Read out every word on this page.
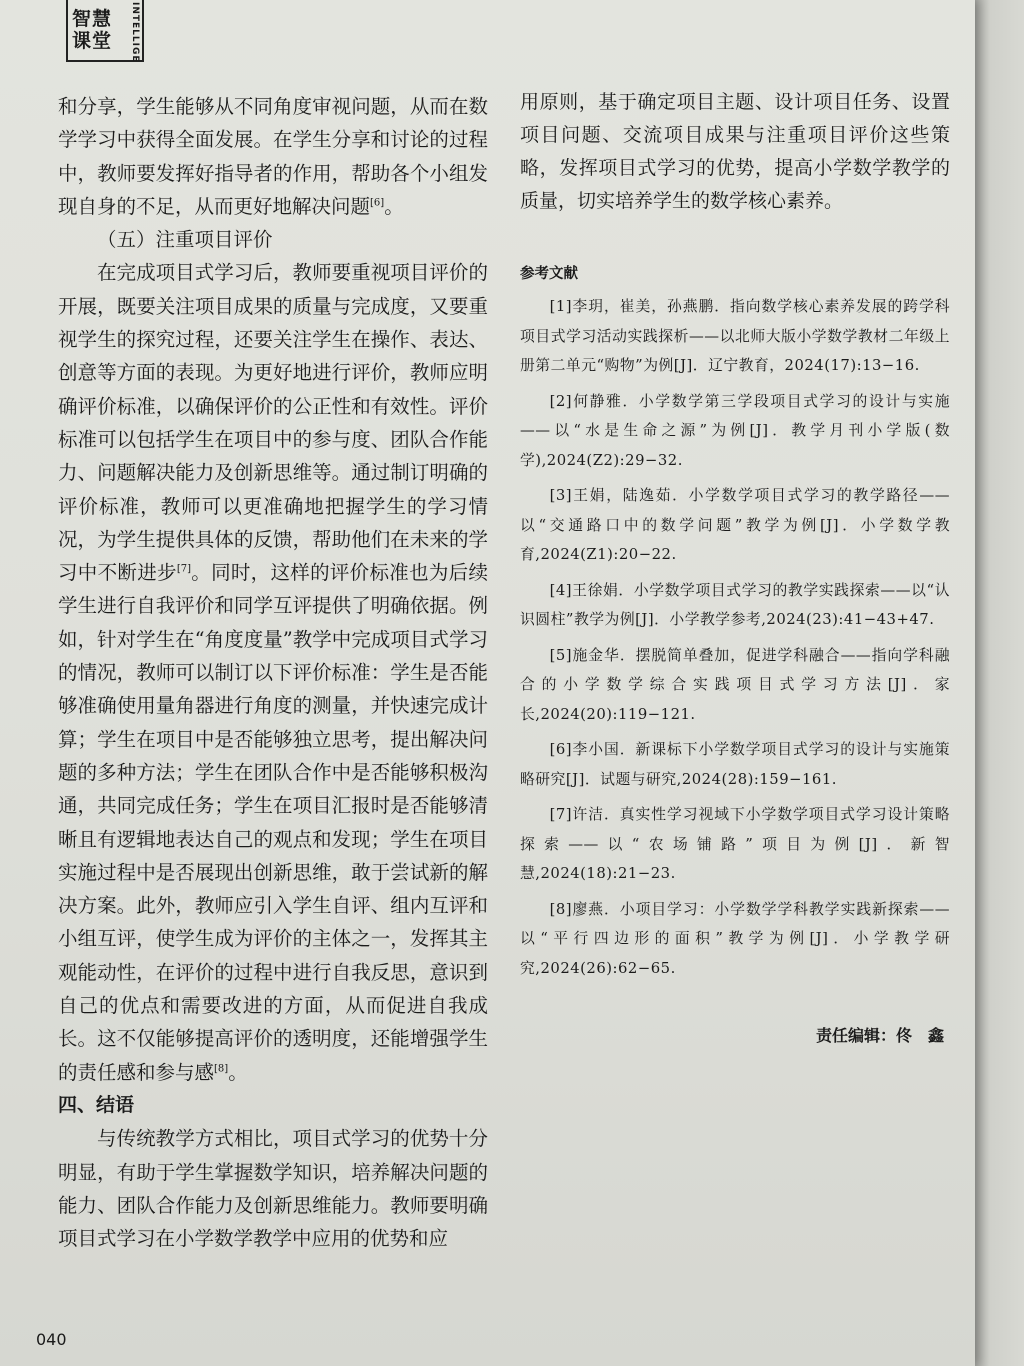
智慧
课堂	INTELLIGE

和分享，学生能够从不同角度审视问题，从而在数学学习中获得全面发展。在学生分享和讨论的过程中，教师要发挥好指导者的作用，帮助各个小组发现自身的不足，从而更好地解决问题[6]。

（五）注重项目评价

在完成项目式学习后，教师要重视项目评价的开展，既要关注项目成果的质量与完成度，又要重视学生的探究过程，还要关注学生在操作、表达、创意等方面的表现。为更好地进行评价，教师应明确评价标准，以确保评价的公正性和有效性。评价标准可以包括学生在项目中的参与度、团队合作能力、问题解决能力及创新思维等。通过制订明确的评价标准，教师可以更准确地把握学生的学习情况，为学生提供具体的反馈，帮助他们在未来的学习中不断进步[7]。同时，这样的评价标准也为后续学生进行自我评价和同学互评提供了明确依据。例如，针对学生在“角度度量”教学中完成项目式学习的情况，教师可以制订以下评价标准：学生是否能够准确使用量角器进行角度的测量，并快速完成计算；学生在项目中是否能够独立思考，提出解决问题的多种方法；学生在团队合作中是否能够积极沟通，共同完成任务；学生在项目汇报时是否能够清晰且有逻辑地表达自己的观点和发现；学生在项目实施过程中是否展现出创新思维，敢于尝试新的解决方案。此外，教师应引入学生自评、组内互评和小组互评，使学生成为评价的主体之一，发挥其主观能动性，在评价的过程中进行自我反思，意识到自己的优点和需要改进的方面，从而促进自我成长。这不仅能够提高评价的透明度，还能增强学生的责任感和参与感[8]。

四、结语

与传统教学方式相比，项目式学习的优势十分明显，有助于学生掌握数学知识，培养解决问题的能力、团队合作能力及创新思维能力。教师要明确项目式学习在小学数学教学中应用的优势和应

用原则，基于确定项目主题、设计项目任务、设置项目问题、交流项目成果与注重项目评价这些策略，发挥项目式学习的优势，提高小学数学教学的质量，切实培养学生的数学核心素养。

参考文献

[1]李玥，崔美，孙燕鹏．指向数学核心素养发展的跨学科项目式学习活动实践探析——以北师大版小学数学教材二年级上册第二单元“购物”为例[J]．辽宁教育，2024(17):13−16.

[2]何静雅．小学数学第三学段项目式学习的设计与实施——以“水是生命之源”为例[J]．教学月刊小学版(数学),2024(Z2):29−32.

[3]王娟，陆逸茹．小学数学项目式学习的教学路径——以“交通路口中的数学问题”教学为例[J]．小学数学教育,2024(Z1):20−22.

[4]王徐娟．小学数学项目式学习的教学实践探索——以“认识圆柱”教学为例[J]．小学教学参考,2024(23):41−43+47.

[5]施金华．摆脱简单叠加，促进学科融合——指向学科融合的小学数学综合实践项目式学习方法[J]．家长,2024(20):119−121.

[6]李小国．新课标下小学数学项目式学习的设计与实施策略研究[J]．试题与研究,2024(28):159−161.

[7]许洁．真实性学习视域下小学数学项目式学习设计策略探索——以“农场铺路”项目为例[J]．新智慧,2024(18):21−23.

[8]廖燕．小项目学习：小学数学学科教学实践新探索——以“平行四边形的面积”教学为例[J]．小学教学研究,2024(26):62−65.

责任编辑：佟　鑫

040
